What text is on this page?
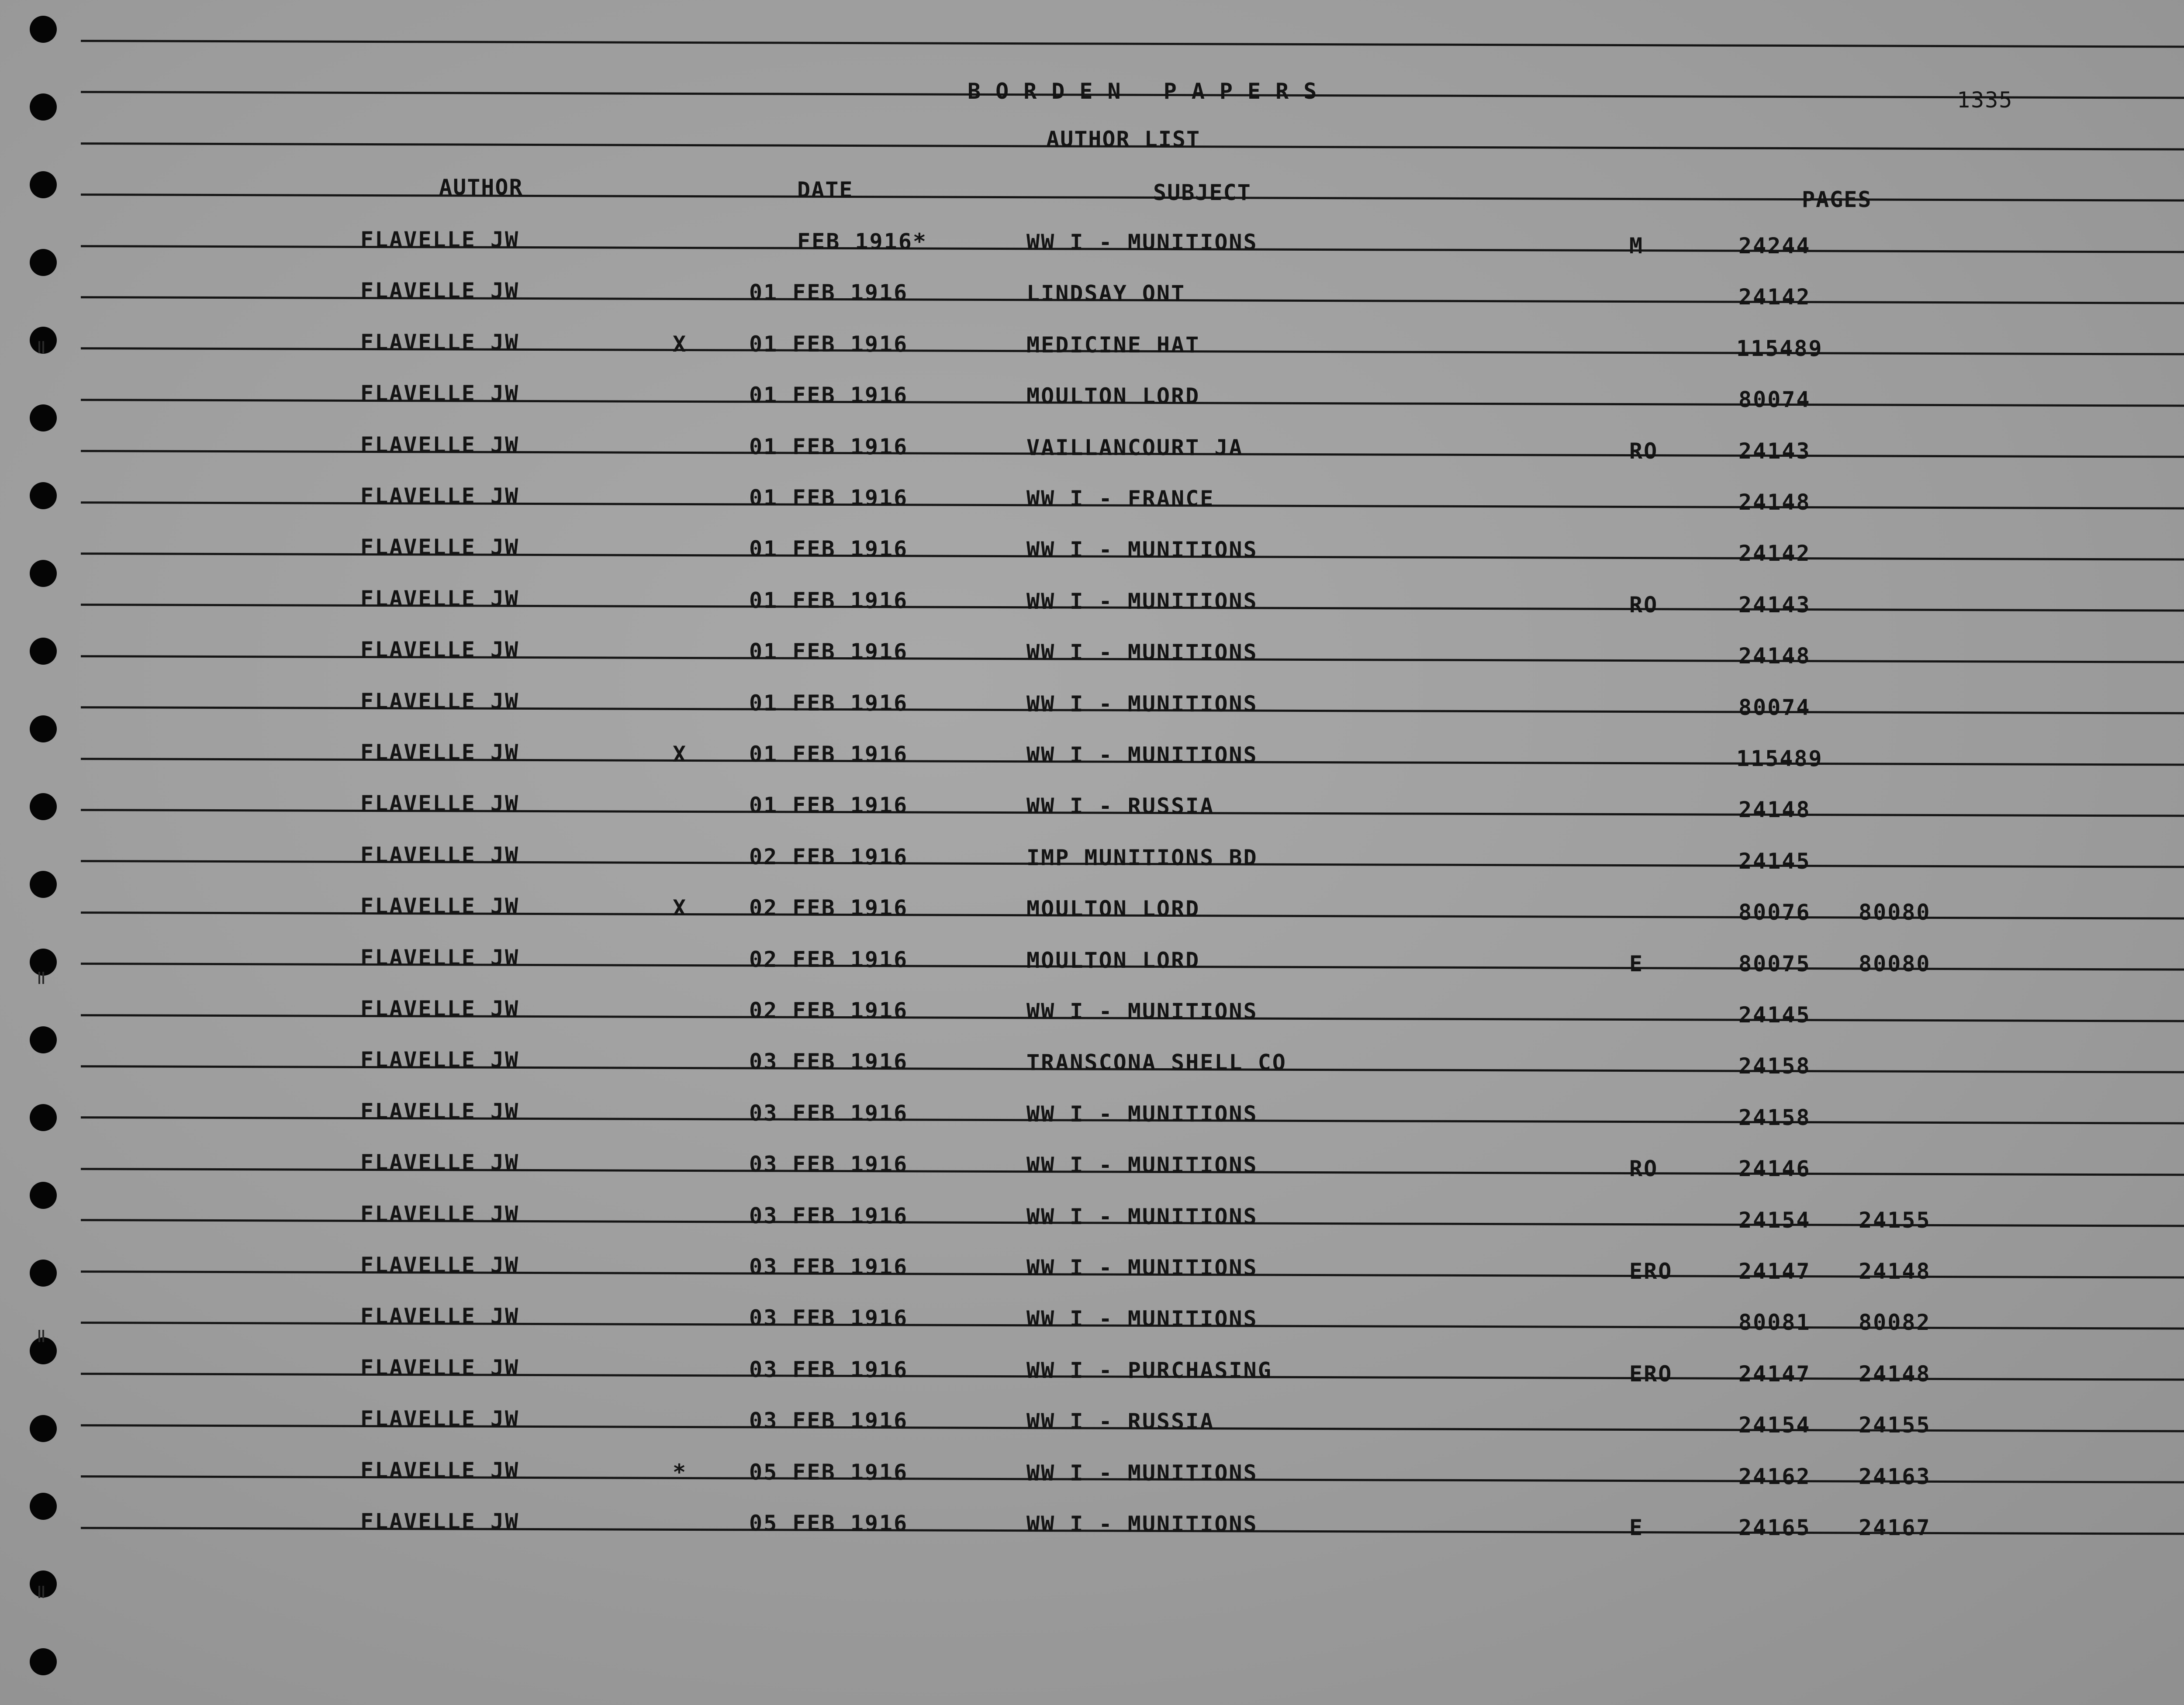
BORDEN PAPERS	1335
AUTHOR LIST
AUTHOR	DATE	SUBJECT	PAGES
FLAVELLE JW	FEB 1916*	WW I - MUNITIONS	M	24244
FLAVELLE JW	01 FEB 1916	LINDSAY ONT	24142
FLAVELLE JW	X	01 FEB 1916	MEDICINE HAT	115489
FLAVELLE JW	01 FEB 1916	MOULTON LORD	80074
FLAVELLE JW	01 FEB 1916	VAILLANCOURT JA	RO	24143
FLAVELLE JW	01 FEB 1916	WW I - FRANCE	24148
FLAVELLE JW	01 FEB 1916	WW I - MUNITIONS	24142
FLAVELLE JW	01 FEB 1916	WW I - MUNITIONS	RO	24143
FLAVELLE JW	01 FEB 1916	WW I - MUNITIONS	24148
FLAVELLE JW	01 FEB 1916	WW I - MUNITIONS	80074
FLAVELLE JW	X	01 FEB 1916	WW I - MUNITIONS	115489
FLAVELLE JW	01 FEB 1916	WW I - RUSSIA	24148
FLAVELLE JW	02 FEB 1916	IMP MUNITIONS BD	24145
FLAVELLE JW	X	02 FEB 1916	MOULTON LORD	80076 80080
FLAVELLE JW	02 FEB 1916	MOULTON LORD	E	80075 80080
FLAVELLE JW	02 FEB 1916	WW I - MUNITIONS	24145
FLAVELLE JW	03 FEB 1916	TRANSCONA SHELL CO	24158
FLAVELLE JW	03 FEB 1916	WW I - MUNITIONS	24158
FLAVELLE JW	03 FEB 1916	WW I - MUNITIONS	RO	24146
FLAVELLE JW	03 FEB 1916	WW I - MUNITIONS	24154 24155
FLAVELLE JW	03 FEB 1916	WW I - MUNITIONS	ERO	24147 24148
FLAVELLE JW	03 FEB 1916	WW I - MUNITIONS	80081 80082
FLAVELLE JW	03 FEB 1916	WW I - PURCHASING	ERO	24147 24148
FLAVELLE JW	03 FEB 1916	WW I - RUSSIA	24154 24155
FLAVELLE JW	*	05 FEB 1916	WW I - MUNITIONS	24162 24163
FLAVELLE JW	05 FEB 1916	WW I - MUNITIONS	E	24165 24167
